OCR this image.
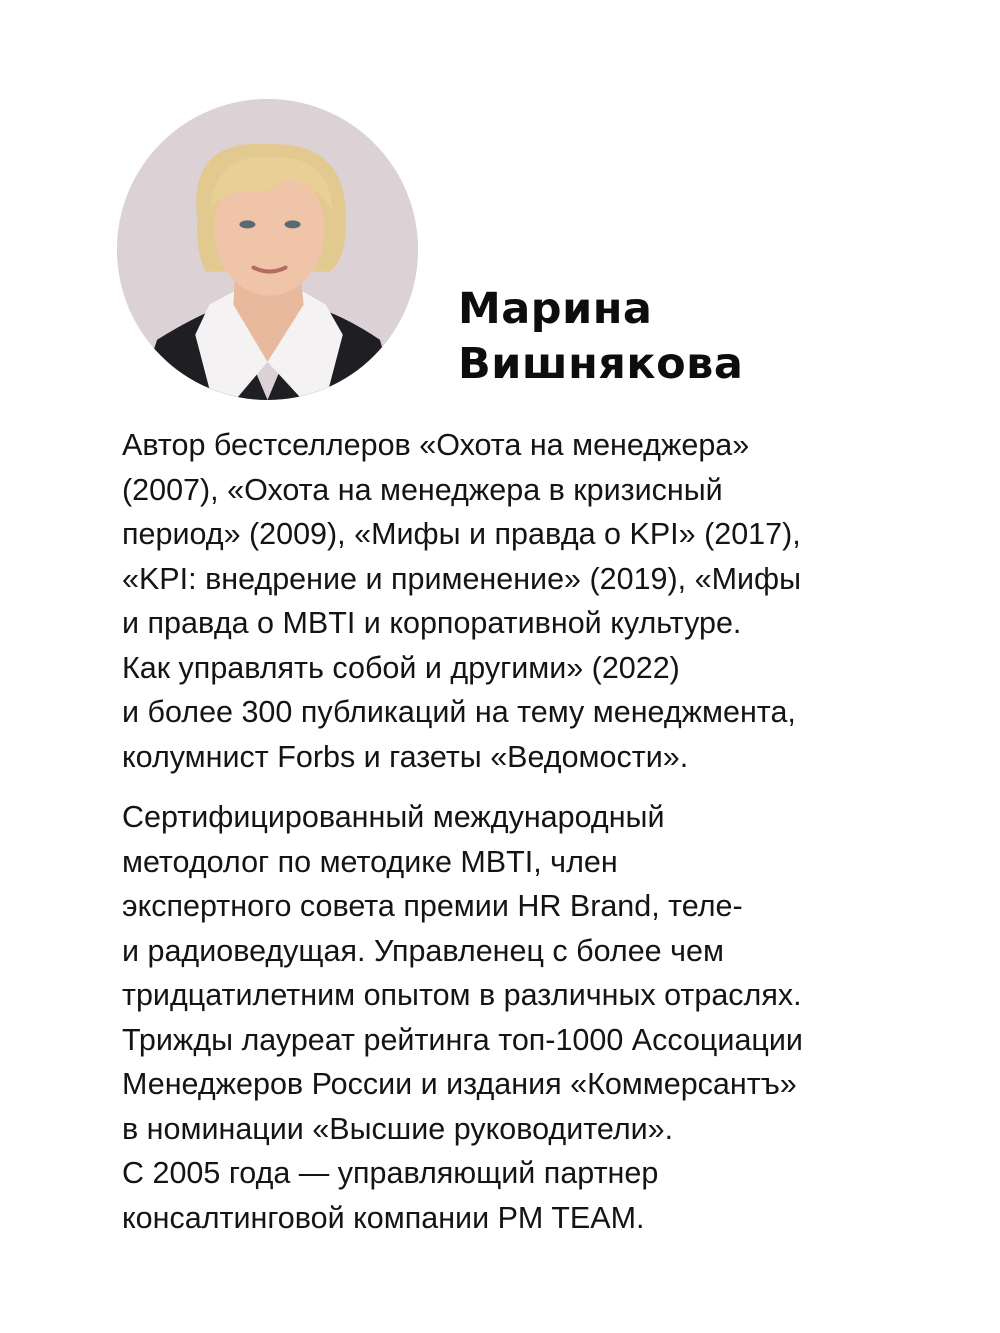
Марина
Вишнякова

Автор бестселлеров «Охота на менеджера»
(2007), «Охота на менеджера в кризисный
период» (2009), «Мифы и правда о KPI» (2017),
«KPI: внедрение и применение» (2019), «Мифы
и правда о MBTI и корпоративной культуре.
Как управлять собой и другими» (2022)
и более 300 публикаций на тему менеджмента,
колумнист Forbs и газеты «Ведомости».

Сертифицированный международный
методолог по методике MBTI, член
экспертного совета премии HR Brand, теле-
и радиоведущая. Управленец с более чем
тридцатилетним опытом в различных отраслях.
Трижды лауреат рейтинга топ-1000 Ассоциации
Менеджеров России и издания «Коммерсантъ»
в номинации «Высшие руководители».
С 2005 года — управляющий партнер
консалтинговой компании PM TEAM.
